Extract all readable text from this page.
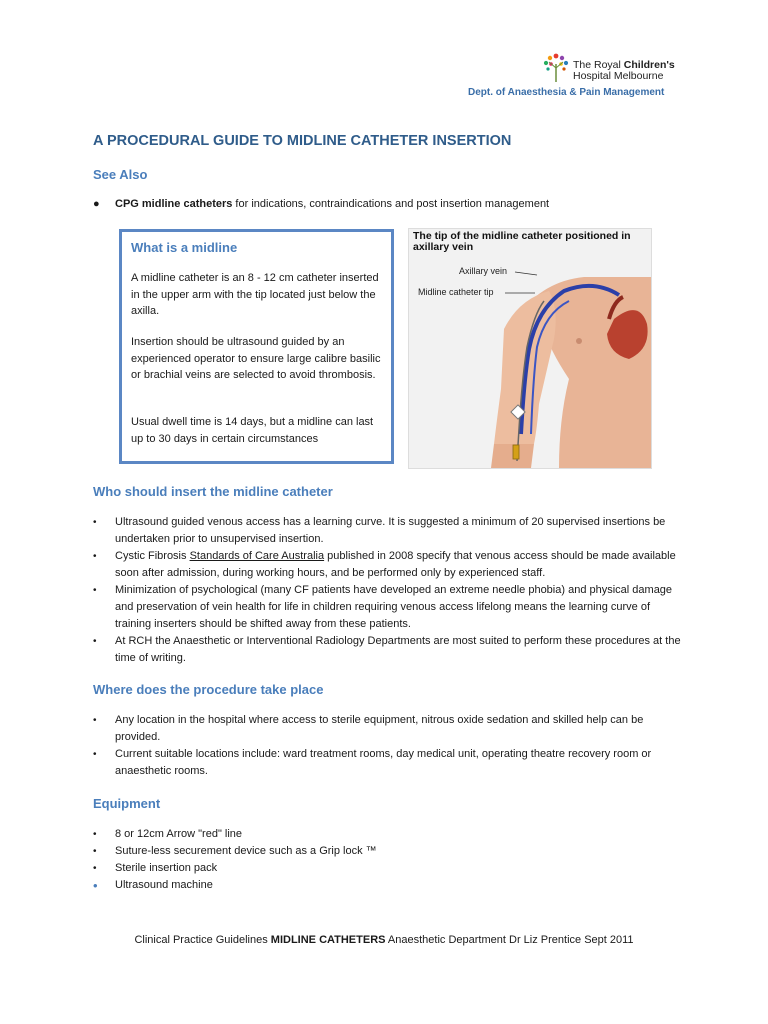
The Royal Children's
Hospital Melbourne
Dept. of Anaesthesia & Pain Management
A PROCEDURAL GUIDE TO MIDLINE CATHETER INSERTION
See Also
● CPG midline catheters for indications, contraindications and post insertion management
What is a midline

A midline catheter is an 8 - 12 cm catheter inserted in the upper arm with the tip located just below the axilla.

Insertion should be ultrasound guided by an experienced operator to ensure large calibre basilic or brachial veins are selected to avoid thrombosis.

Usual dwell time is 14 days, but a midline can last up to 30 days in certain circumstances

The tip of the midline catheter positioned in axillary vein
Axillary vein
Midline catheter tip
Who should insert the midline catheter
• Ultrasound guided venous access has a learning curve. It is suggested a minimum of 20 supervised insertions be undertaken prior to unsupervised insertion.
• Cystic Fibrosis Standards of Care Australia published in 2008 specify that venous access should be made available soon after admission, during working hours, and be performed only by experienced staff.
• Minimization of psychological (many CF patients have developed an extreme needle phobia) and physical damage and preservation of vein health for life in children requiring venous access lifelong means the learning curve of training inserters should be shifted away from these patients.
• At RCH the Anaesthetic or Interventional Radiology Departments are most suited to perform these procedures at the time of writing.
Where does the procedure take place
• Any location in the hospital where access to sterile equipment, nitrous oxide sedation and skilled help can be provided.
• Current suitable locations include: ward treatment rooms, day medical unit, operating theatre recovery room or anaesthetic rooms.
Equipment
• 8 or 12cm Arrow "red" line
• Suture-less securement device such as a Grip lock ™
• Sterile insertion pack
• Ultrasound machine
Clinical Practice Guidelines MIDLINE CATHETERS Anaesthetic Department Dr Liz Prentice Sept 2011
